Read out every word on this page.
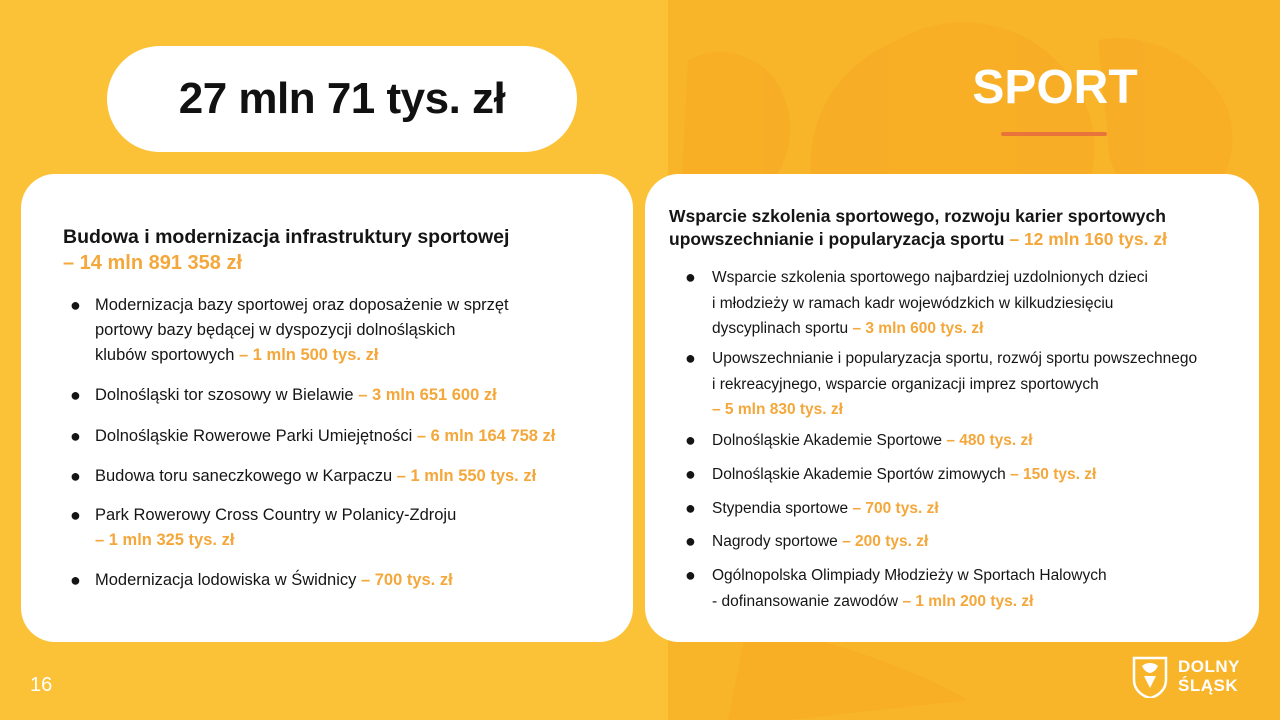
27 mln 71 tys. zł	SPORT
Budowa i modernizacja infrastruktury sportowej
– 14 mln 891 358 zł
● Modernizacja bazy sportowej oraz doposażenie w sprzęt
portowy bazy będącej w dyspozycji dolnośląskich
klubów sportowych – 1 mln 500 tys. zł
● Dolnośląski tor szosowy w Bielawie – 3 mln 651 600 zł
● Dolnośląskie Rowerowe Parki Umiejętności – 6 mln 164 758 zł
● Budowa toru saneczkowego w Karpaczu – 1 mln 550 tys. zł
● Park Rowerowy Cross Country w Polanicy-Zdroju
– 1 mln 325 tys. zł
● Modernizacja lodowiska w Świdnicy – 700 tys. zł
Wsparcie szkolenia sportowego, rozwoju karier sportowych
upowszechnianie i popularyzacja sportu – 12 mln 160 tys. zł
● Wsparcie szkolenia sportowego najbardziej uzdolnionych dzieci
i młodzieży w ramach kadr wojewódzkich w kilkudziesięciu
dyscyplinach sportu – 3 mln 600 tys. zł
● Upowszechnianie i popularyzacja sportu, rozwój sportu powszechnego
i rekreacyjnego, wsparcie organizacji imprez sportowych
– 5 mln 830 tys. zł
● Dolnośląskie Akademie Sportowe – 480 tys. zł
● Dolnośląskie Akademie Sportów zimowych – 150 tys. zł
● Stypendia sportowe – 700 tys. zł
● Nagrody sportowe – 200 tys. zł
● Ogólnopolska Olimpiady Młodzieży w Sportach Halowych
- dofinansowanie zawodów – 1 mln 200 tys. zł
16
DOLNY
ŚLĄSK
